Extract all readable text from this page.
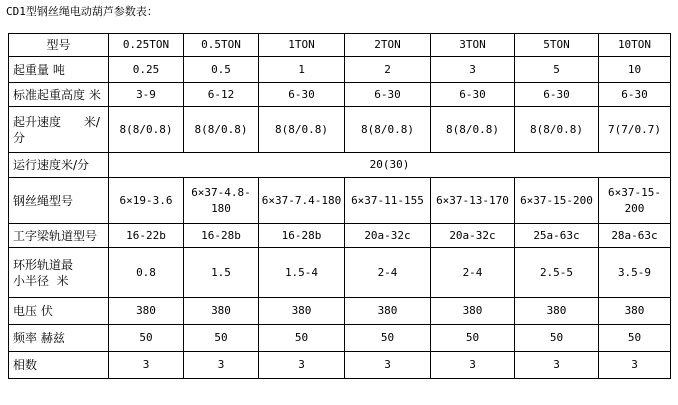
CD1型钢丝绳电动葫芦参数表：
型号	0.25TON	0.5TON	1TON	2TON	3TON	5TON	10TON
起重量 吨	0.25	0.5	1	2	3	5	10
标准起重高度 米	3-9	6-12	6-30	6-30	6-30	6-30	6-30

起升速度      米/
分	8(8/0.8)	8(8/0.8)	8(8/0.8)	8(8/0.8)	8(8/0.8)	8(8/0.8)	7(7/0.7)
运行速度米/分	20(30)						
钢丝绳型号	6×19-3.6	6×37-4.8-180	6×37-7.4-180	6×37-11-155	6×37-13-170	6×37-15-200	6×37-15-200
工字梁轨道型号	16-22b	16-28b	16-28b	20a-32c	20a-32c	25a-63c	28a-63c

环形轨道最
小半径  米	0.8	1.5	1.5-4	2-4	2-4	2.5-5	3.5-9
电压 伏	380	380	380	380	380	380	380
频率 赫兹	50	50	50	50	50	50	50
相数	3	3	3	3	3	3	3
